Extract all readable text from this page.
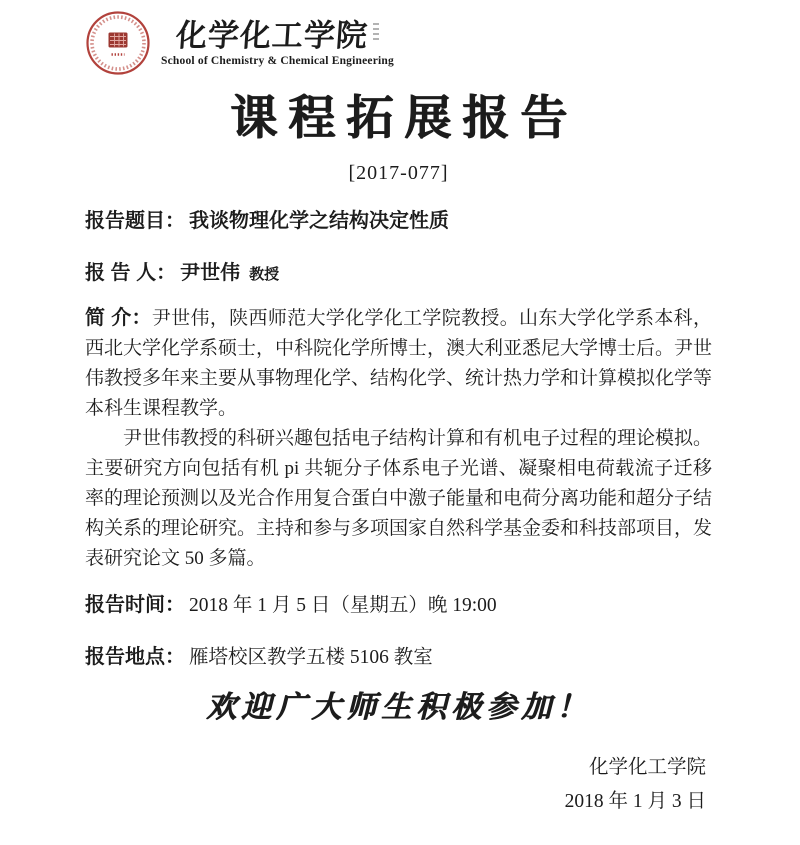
化学化工学院
School of Chemistry & Chemical Engineering
课程拓展报告
[2017-077]
报告题目： 我谈物理化学之结构决定性质
报 告 人： 尹世伟 教授

简 介：尹世伟，陕西师范大学化学化工学院教授。山东大学化学系本科，西北大学化学系硕士，中科院化学所博士，澳大利亚悉尼大学博士后。尹世伟教授多年来主要从事物理化学、结构化学、统计热力学和计算模拟化学等本科生课程教学。

尹世伟教授的科研兴趣包括电子结构计算和有机电子过程的理论模拟。主要研究方向包括有机 pi 共轭分子体系电子光谱、凝聚相电荷载流子迁移率的理论预测以及光合作用复合蛋白中激子能量和电荷分离功能和超分子结构关系的理论研究。主持和参与多项国家自然科学基金委和科技部项目，发表研究论文 50 多篇。

报告时间： 2018 年 1 月 5 日（星期五）晚 19:00
报告地点： 雁塔校区教学五楼 5106 教室
欢迎广大师生积极参加！
化学化工学院
2018 年 1 月 3 日
